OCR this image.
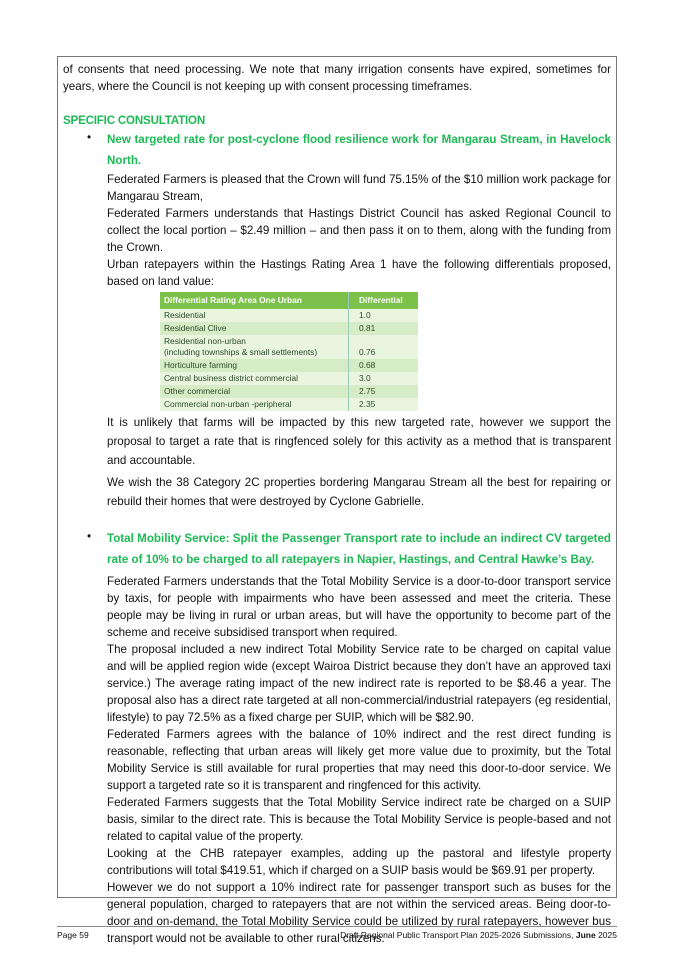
of consents that need processing. We note that many irrigation consents have expired, sometimes for years, where the Council is not keeping up with consent processing timeframes.

SPECIFIC CONSULTATION

• New targeted rate for post-cyclone flood resilience work for Mangarau Stream, in Havelock North.

Federated Farmers is pleased that the Crown will fund 75.15% of the $10 million work package for Mangarau Stream,

Federated Farmers understands that Hastings District Council has asked Regional Council to collect the local portion – $2.49 million – and then pass it on to them, along with the funding from the Crown.

Urban ratepayers within the Hastings Rating Area 1 have the following differentials proposed, based on land value:

Differential Rating Area One Urban	Differential
Residential	1.0
Residential Clive	0.81
Residential non-urban
(including townships & small settlements)	0.76
Horticulture farming	0.68
Central business district commercial	3.0
Other commercial	2.75
Commercial non-urban -peripheral	2.35

It is unlikely that farms will be impacted by this new targeted rate, however we support the proposal to target a rate that is ringfenced solely for this activity as a method that is transparent and accountable.

We wish the 38 Category 2C properties bordering Mangarau Stream all the best for repairing or rebuild their homes that were destroyed by Cyclone Gabrielle.

• Total Mobility Service: Split the Passenger Transport rate to include an indirect CV targeted rate of 10% to be charged to all ratepayers in Napier, Hastings, and Central Hawke’s Bay.

Federated Farmers understands that the Total Mobility Service is a door-to-door transport service by taxis, for people with impairments who have been assessed and meet the criteria. These people may be living in rural or urban areas, but will have the opportunity to become part of the scheme and receive subsidised transport when required.

The proposal included a new indirect Total Mobility Service rate to be charged on capital value and will be applied region wide (except Wairoa District because they don’t have an approved taxi service.) The average rating impact of the new indirect rate is reported to be $8.46 a year. The proposal also has a direct rate targeted at all non-commercial/industrial ratepayers (eg residential, lifestyle) to pay 72.5% as a fixed charge per SUIP, which will be $82.90.

Federated Farmers agrees with the balance of 10% indirect and the rest direct funding is reasonable, reflecting that urban areas will likely get more value due to proximity, but the Total Mobility Service is still available for rural properties that may need this door-to-door service. We support a targeted rate so it is transparent and ringfenced for this activity.

Federated Farmers suggests that the Total Mobility Service indirect rate be charged on a SUIP basis, similar to the direct rate. This is because the Total Mobility Service is people-based and not related to capital value of the property.

Looking at the CHB ratepayer examples, adding up the pastoral and lifestyle property contributions will total $419.51, which if charged on a SUIP basis would be $69.91 per property.

However we do not support a 10% indirect rate for passenger transport such as buses for the general population, charged to ratepayers that are not within the serviced areas. Being door-to-door and on-demand, the Total Mobility Service could be utilized by rural ratepayers, however bus transport would not be available to other rural citizens.

Page 59	Draft Regional Public Transport Plan 2025-2026 Submissions, June 2025
